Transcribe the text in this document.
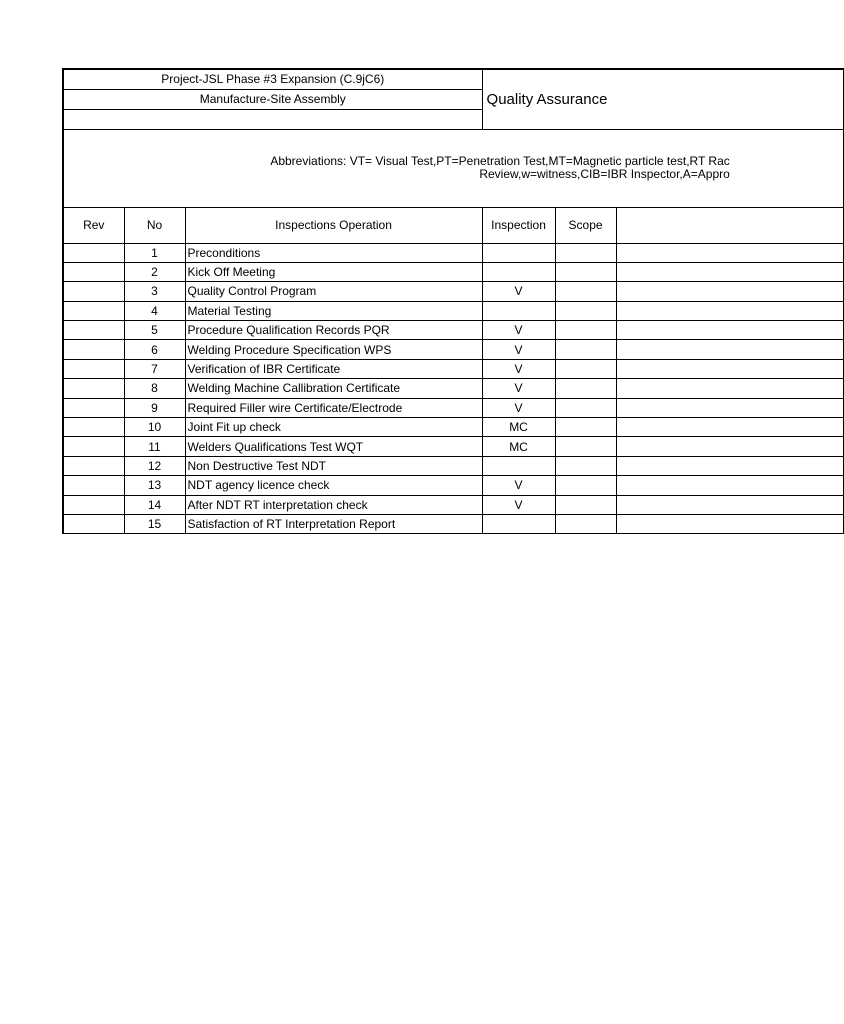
Project-JSL Phase #3 Expansion (C.9jC6)			Quality Assurance		
Manufacture-Site Assembly					

Abbreviations: VT= Visual Test,PT=Penetration Test,MT=Magnetic particle test,RT Rac
Review,w=witness,CIB=IBR Inspector,A=Appro					
Rev	No	Inspections Operation	Inspection	Scope	
	1	Preconditions			
	2	Kick Off Meeting			
	3	Quality Control Program	V		
	4	Material Testing			
	5	Procedure Qualification Records PQR	V		
	6	Welding Procedure Specification WPS	V		
	7	Verification of IBR Certificate	V		
	8	Welding Machine Callibration Certificate	V		
	9	Required Filler wire Certificate/Electrode	V		
	10	Joint Fit up check	MC		
	11	Welders Qualifications Test WQT	MC		
	12	Non Destructive Test NDT			
	13	NDT agency licence check	V		
	14	After NDT RT interpretation check	V		
	15	Satisfaction of RT Interpretation Report			
